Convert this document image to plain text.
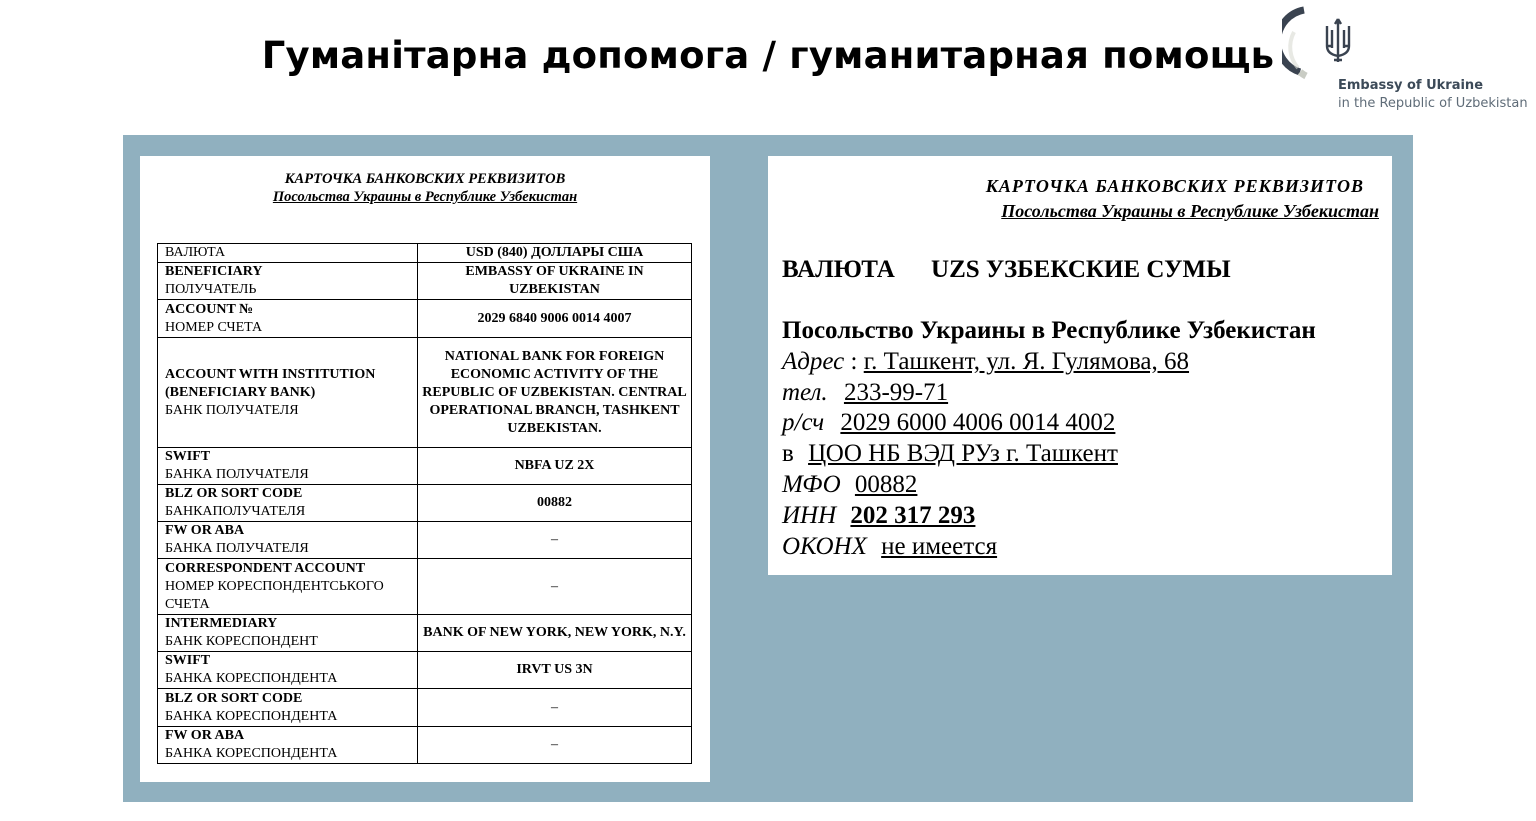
Гуманітарна допомога / гуманитарная помощь
Embassy of Ukraine
in the Republic of Uzbekistan
КАРТОЧКА БАНКОВСКИХ РЕКВИЗИТОВ
Посольства Украины в Республике Узбекистан
ВАЛЮТА	USD (840) ДОЛЛАРЫ США

BENEFICIARY
ПОЛУЧАТЕЛЬ	EMBASSY OF UKRAINE IN UZBEKISTAN

ACCOUNT №
НОМЕР СЧЕТА	2029 6840 9006 0014 4007

ACCOUNT WITH INSTITUTION (BENEFICIARY BANK)
БАНК ПОЛУЧАТЕЛЯ	NATIONAL BANK FOR FOREIGN ECONOMIC ACTIVITY OF THE REPUBLIC OF UZBEKISTAN. CENTRAL OPERATIONAL BRANCH, TASHKENT UZBEKISTAN.

SWIFT
БАНКА ПОЛУЧАТЕЛЯ	NBFA UZ 2X

BLZ OR SORT CODE
БАНКАПОЛУЧАТЕЛЯ	00882

FW OR ABA
БАНКА ПОЛУЧАТЕЛЯ	–

CORRESPONDENT ACCOUNT
НОМЕР КОРЕСПОНДЕНТСЬКОГО СЧЕТА	–

INTERMEDIARY
БАНК КОРЕСПОНДЕНТ	BANK OF NEW YORK, NEW YORK, N.Y.

SWIFT
БАНКА КОРЕСПОНДЕНТА	IRVT US 3N

BLZ OR SORT CODE
БАНКА КОРЕСПОНДЕНТА	–

FW OR ABA
БАНКА КОРЕСПОНДЕНТА	–
КАРТОЧКА БАНКОВСКИХ РЕКВИЗИТОВ
Посольства Украины в Республике Узбекистан
ВАЛЮТА UZS УЗБЕКСКИЕ СУМЫ
Посольство Украины в Республике Узбекистан
Адрес : г. Ташкент, ул. Я. Гулямова, 68
тел. 233-99-71
р/сч 2029 6000 4006 0014 4002
в ЦОО НБ ВЭД РУз г. Ташкент
МФО 00882
ИНН 202 317 293
ОКОНХ не имеется
